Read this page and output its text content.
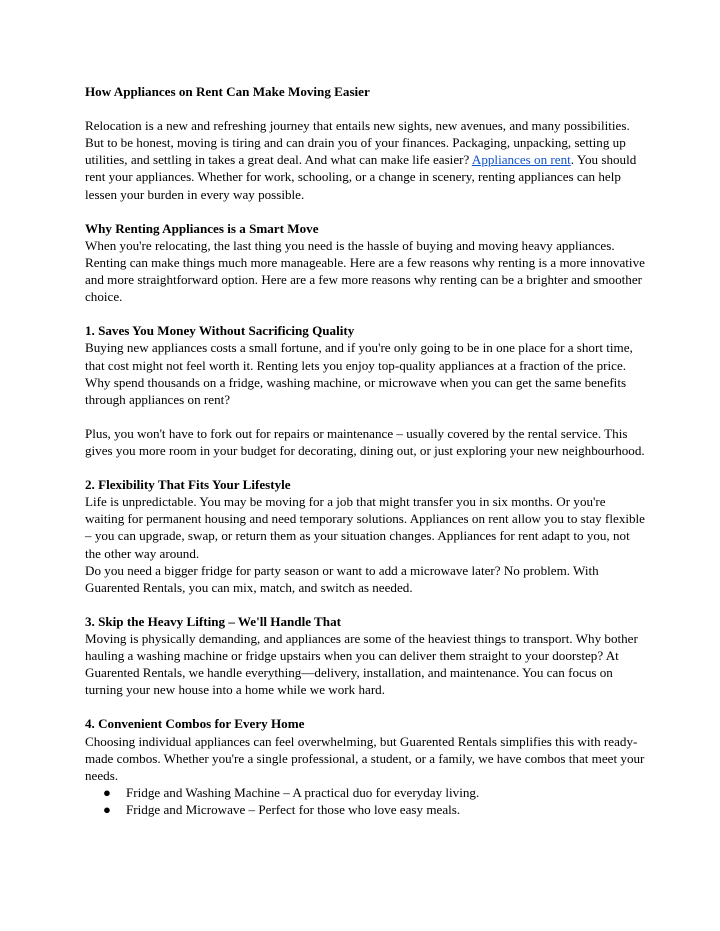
How Appliances on Rent Can Make Moving Easier

Relocation is a new and refreshing journey that entails new sights, new avenues, and many possibilities. But to be honest, moving is tiring and can drain you of your finances. Packaging, unpacking, setting up utilities, and settling in takes a great deal. And what can make life easier? Appliances on rent. You should rent your appliances. Whether for work, schooling, or a change in scenery, renting appliances can help lessen your burden in every way possible.

Why Renting Appliances is a Smart Move

When you're relocating, the last thing you need is the hassle of buying and moving heavy appliances. Renting can make things much more manageable. Here are a few reasons why renting is a more innovative and more straightforward option. Here are a few more reasons why renting can be a brighter and smoother choice.

1. Saves You Money Without Sacrificing Quality

Buying new appliances costs a small fortune, and if you're only going to be in one place for a short time, that cost might not feel worth it. Renting lets you enjoy top-quality appliances at a fraction of the price. Why spend thousands on a fridge, washing machine, or microwave when you can get the same benefits through appliances on rent?

Plus, you won't have to fork out for repairs or maintenance – usually covered by the rental service. This gives you more room in your budget for decorating, dining out, or just exploring your new neighbourhood.

2. Flexibility That Fits Your Lifestyle

Life is unpredictable. You may be moving for a job that might transfer you in six months. Or you're waiting for permanent housing and need temporary solutions. Appliances on rent allow you to stay flexible – you can upgrade, swap, or return them as your situation changes. Appliances for rent adapt to you, not the other way around.

Do you need a bigger fridge for party season or want to add a microwave later? No problem. With Guarented Rentals, you can mix, match, and switch as needed.

3. Skip the Heavy Lifting – We'll Handle That

Moving is physically demanding, and appliances are some of the heaviest things to transport. Why bother hauling a washing machine or fridge upstairs when you can deliver them straight to your doorstep? At Guarented Rentals, we handle everything—delivery, installation, and maintenance. You can focus on turning your new house into a home while we work hard.

4. Convenient Combos for Every Home

Choosing individual appliances can feel overwhelming, but Guarented Rentals simplifies this with ready-made combos. Whether you're a single professional, a student, or a family, we have combos that meet your needs.

● Fridge and Washing Machine – A practical duo for everyday living.
● Fridge and Microwave – Perfect for those who love easy meals.
